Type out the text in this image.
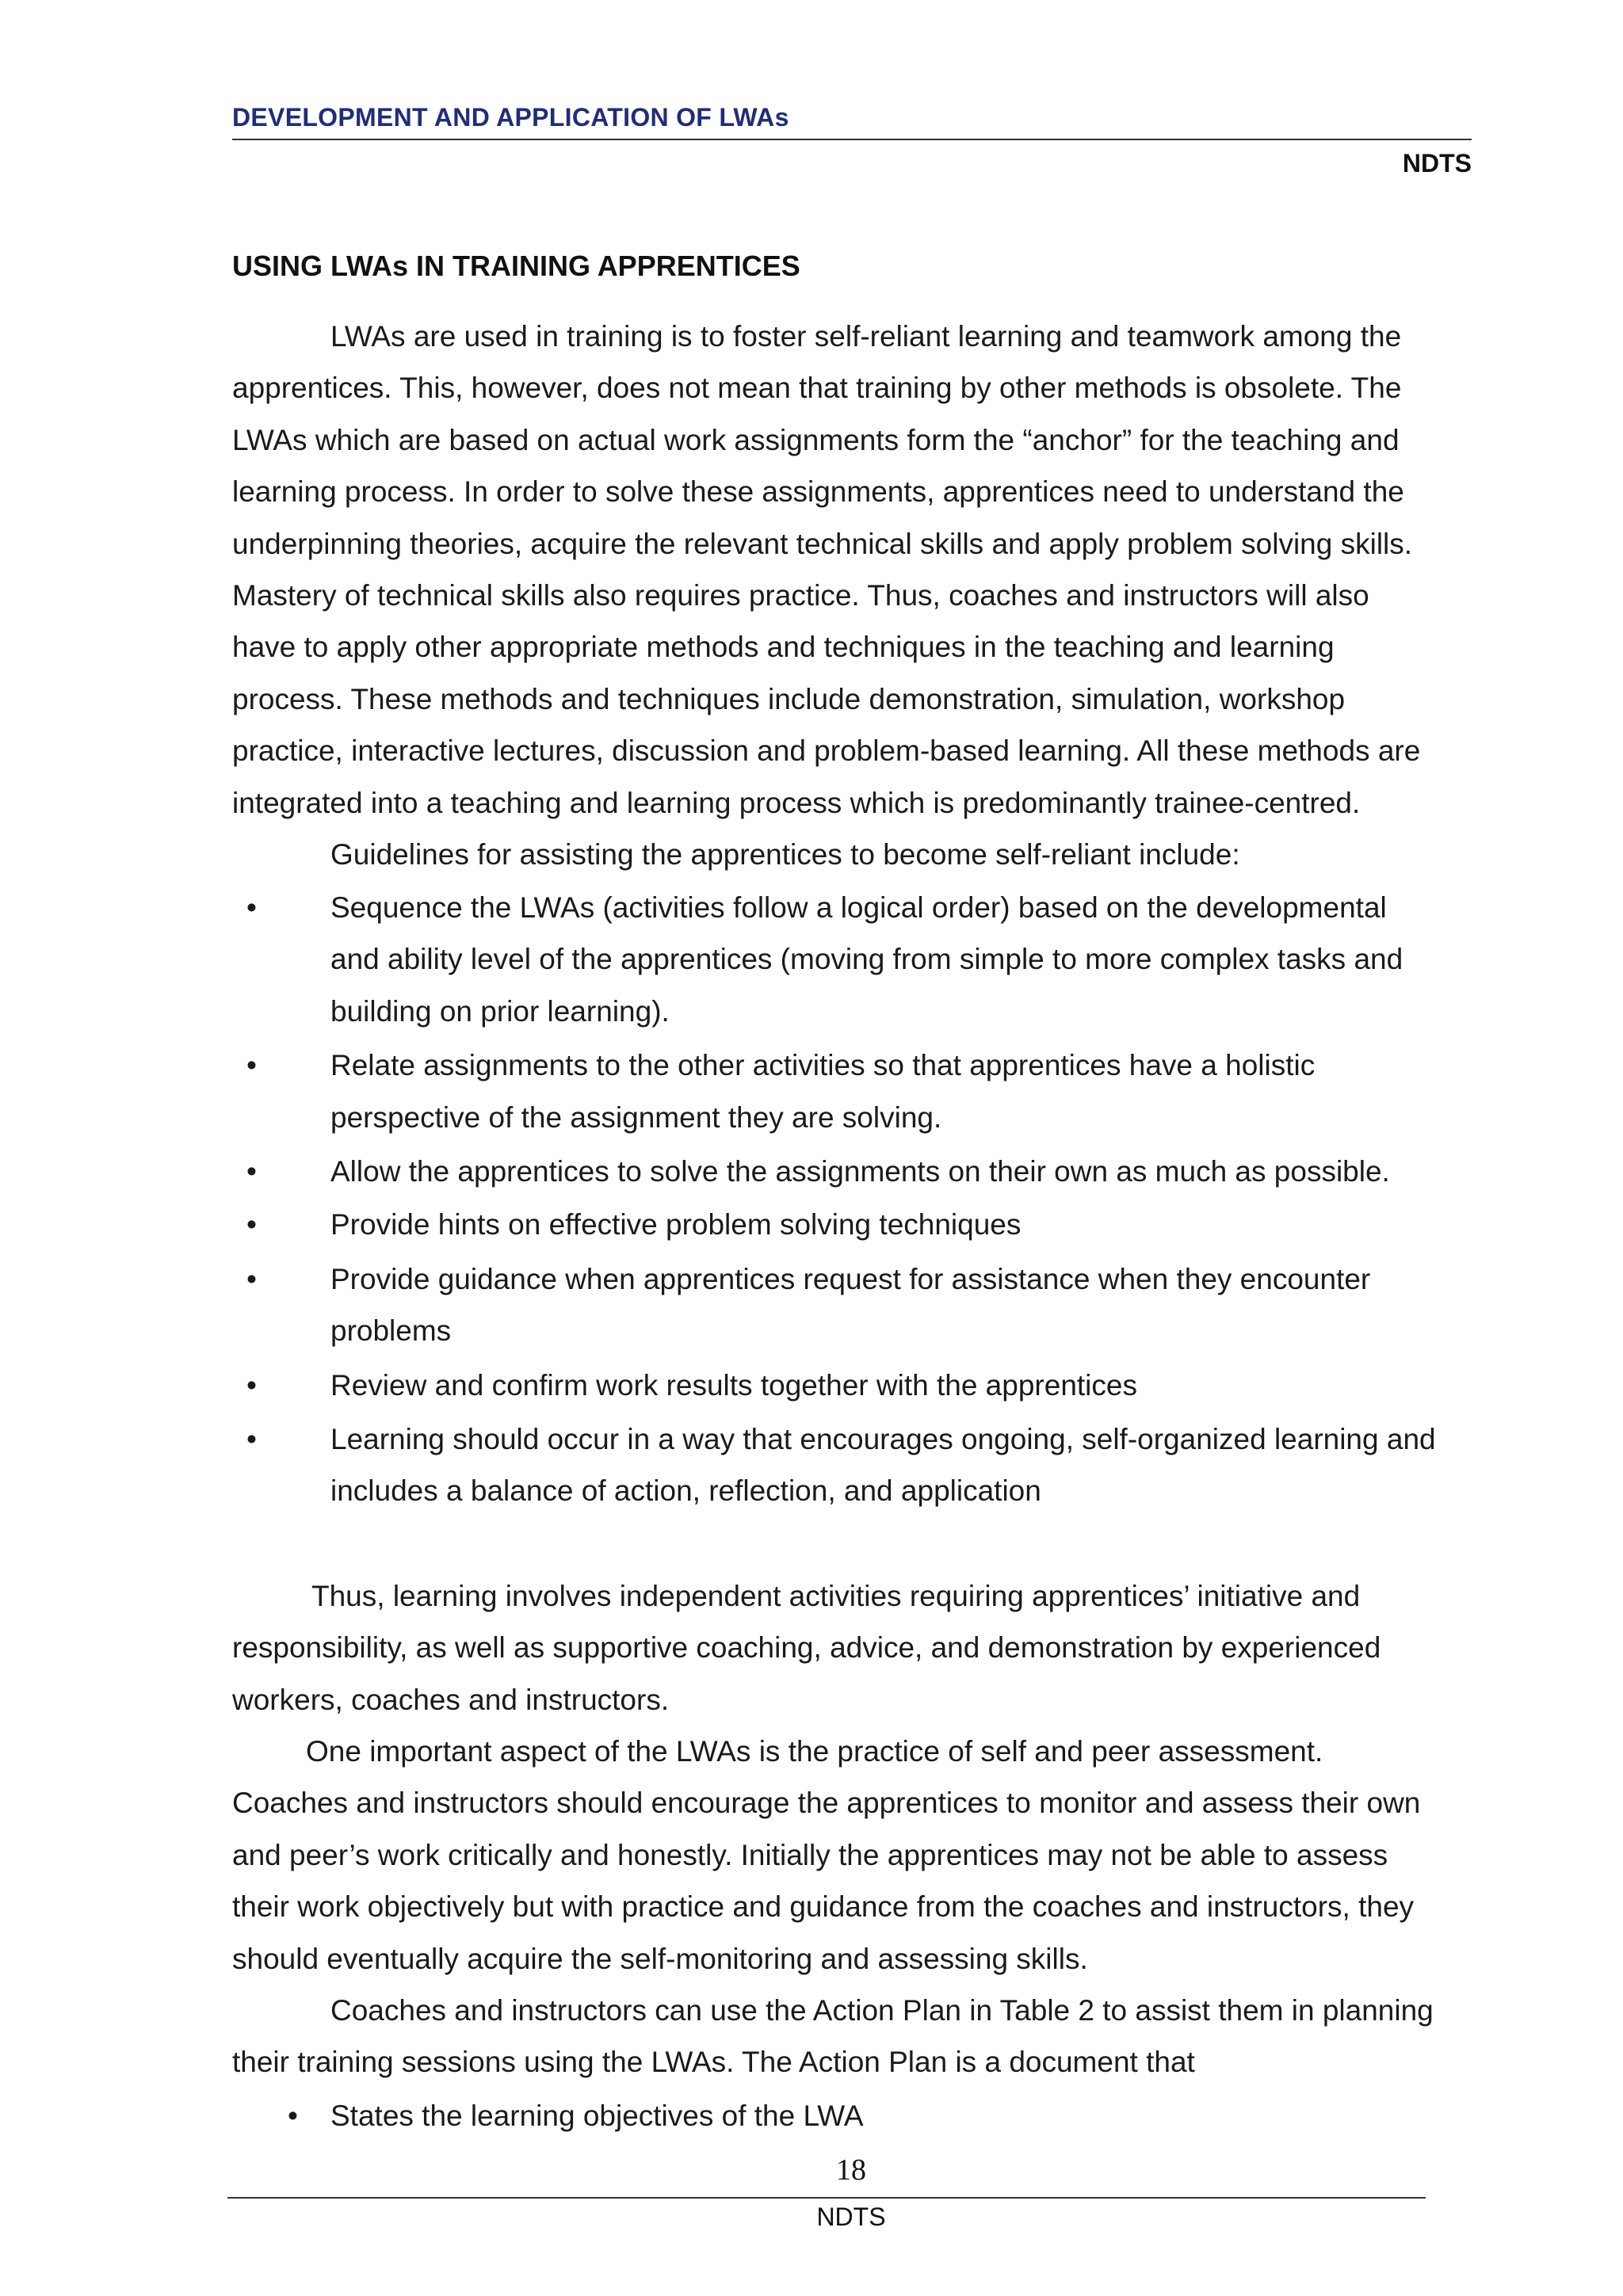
DEVELOPMENT AND APPLICATION OF LWAs
NDTS
USING LWAs IN TRAINING APPRENTICES
LWAs are used in training is to foster self-reliant learning and teamwork among the
apprentices. This, however, does not mean that training by other methods is obsolete. The
LWAs which are based on actual work assignments form the “anchor” for the teaching and
learning process. In order to solve these assignments, apprentices need to understand the
underpinning theories, acquire the relevant technical skills and apply problem solving skills.
Mastery of technical skills also requires practice. Thus, coaches and instructors will also
have to apply other appropriate methods and techniques in the teaching and learning
process. These methods and techniques include demonstration, simulation, workshop
practice, interactive lectures, discussion and problem-based learning. All these methods are
integrated into a teaching and learning process which is predominantly trainee-centred.
Guidelines for assisting the apprentices to become self-reliant include:
•	Sequence the LWAs (activities follow a logical order) based on the developmental
and ability level of the apprentices (moving from simple to more complex tasks and
building on prior learning).
•	Relate assignments to the other activities so that apprentices have a holistic
perspective of the assignment they are solving.
•	Allow the apprentices to solve the assignments on their own as much as possible.
•	Provide hints on effective problem solving techniques
•	Provide guidance when apprentices request for assistance when they encounter
problems
•	Review and confirm work results together with the apprentices
•	Learning should occur in a way that encourages ongoing, self-organized learning and
includes a balance of action, reflection, and application
Thus, learning involves independent activities requiring apprentices’ initiative and
responsibility, as well as supportive coaching, advice, and demonstration by experienced
workers, coaches and instructors.
One important aspect of the LWAs is the practice of self and peer assessment.
Coaches and instructors should encourage the apprentices to monitor and assess their own
and peer’s work critically and honestly. Initially the apprentices may not be able to assess
their work objectively but with practice and guidance from the coaches and instructors, they
should eventually acquire the self-monitoring and assessing skills.
Coaches and instructors can use the Action Plan in Table 2 to assist them in planning
their training sessions using the LWAs. The Action Plan is a document that
• States the learning objectives of the LWA
18
NDTS
